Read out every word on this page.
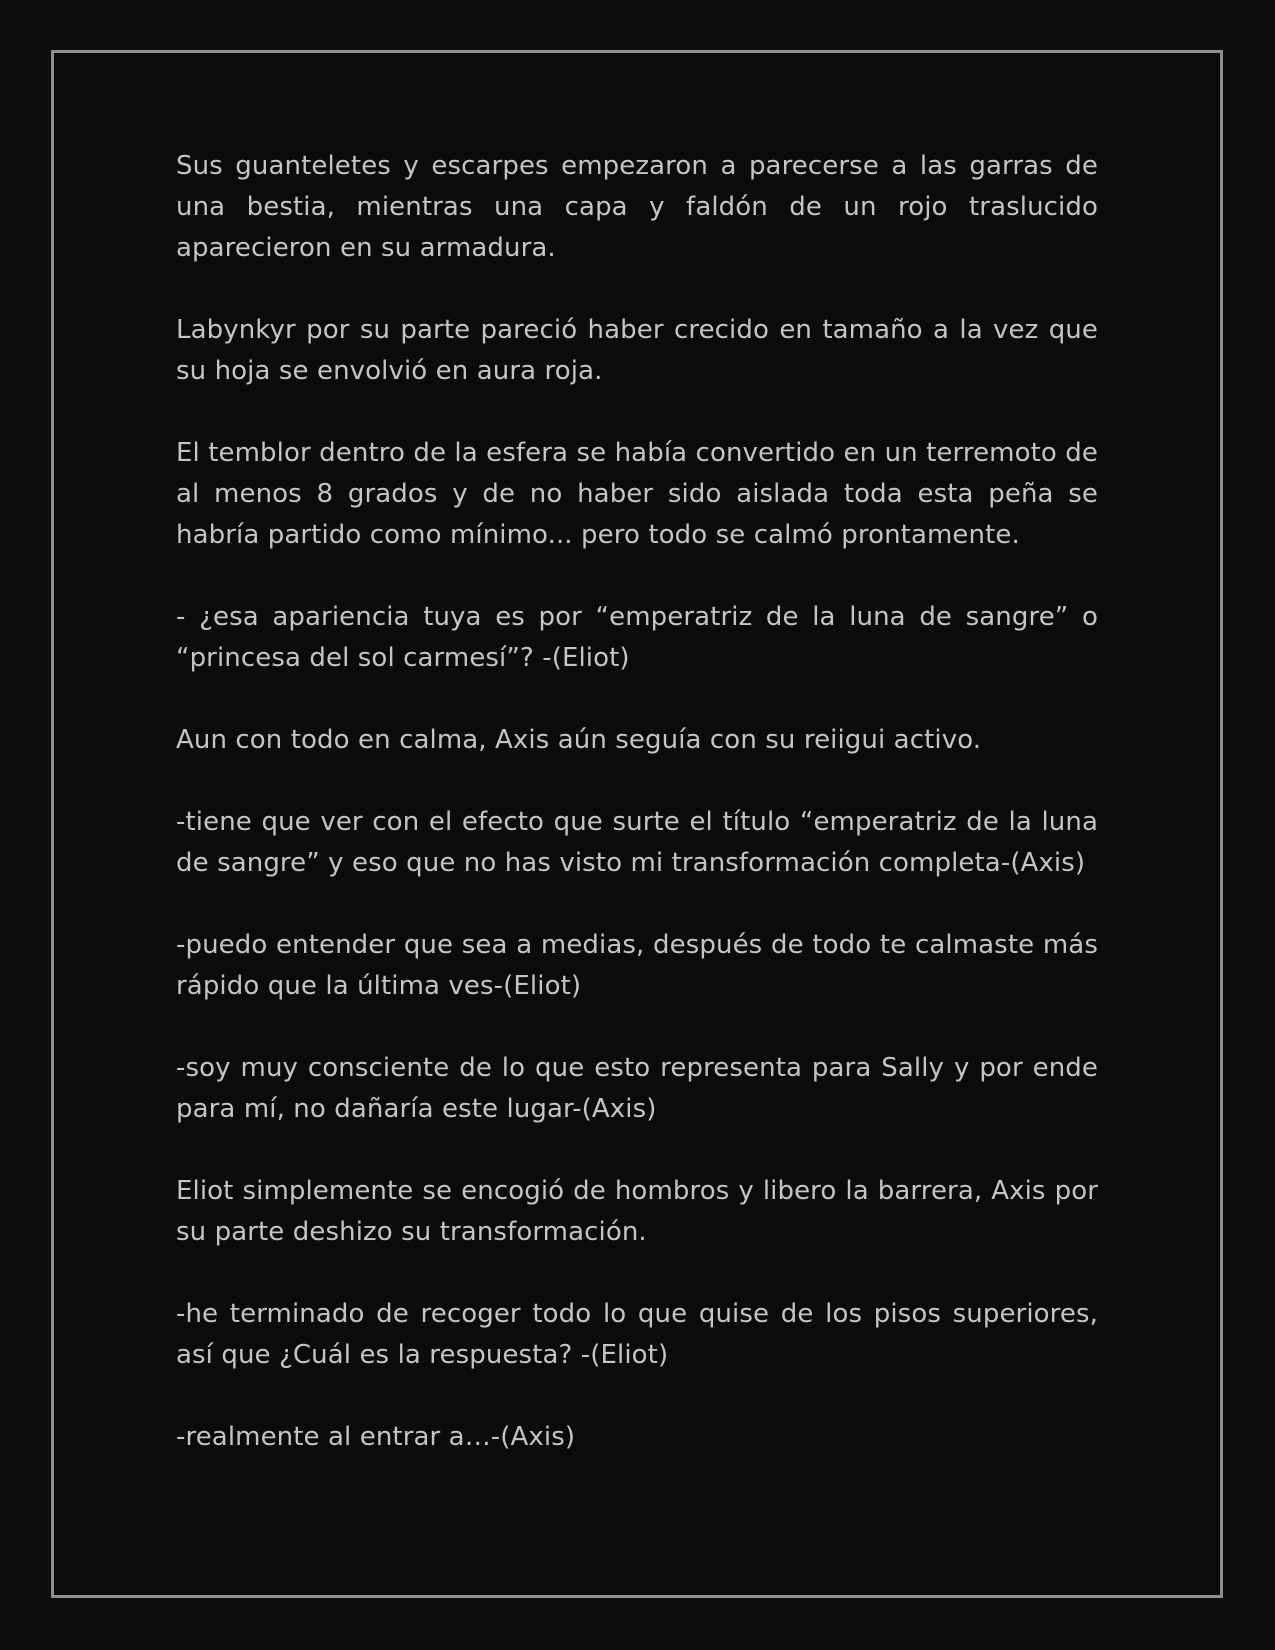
Sus guanteletes y escarpes empezaron a parecerse a las garras de una bestia, mientras una capa y faldón de un rojo traslucido aparecieron en su armadura.

Labynkyr por su parte pareció haber crecido en tamaño a la vez que su hoja se envolvió en aura roja.

El temblor dentro de la esfera se había convertido en un terremoto de al menos 8 grados y de no haber sido aislada toda esta peña se habría partido como mínimo... pero todo se calmó prontamente.

- ¿esa apariencia tuya es por “emperatriz de la luna de sangre” o “princesa del sol carmesí”? -(Eliot)

Aun con todo en calma, Axis aún seguía con su reiigui activo.

-tiene que ver con el efecto que surte el título “emperatriz de la luna de sangre” y eso que no has visto mi transformación completa-(Axis)

-puedo entender que sea a medias, después de todo te calmaste más rápido que la última ves-(Eliot)

-soy muy consciente de lo que esto representa para Sally y por ende para mí, no dañaría este lugar-(Axis)

Eliot simplemente se encogió de hombros y libero la barrera, Axis por su parte deshizo su transformación.

-he terminado de recoger todo lo que quise de los pisos superiores, así que ¿Cuál es la respuesta? -(Eliot)

-realmente al entrar a…-(Axis)
